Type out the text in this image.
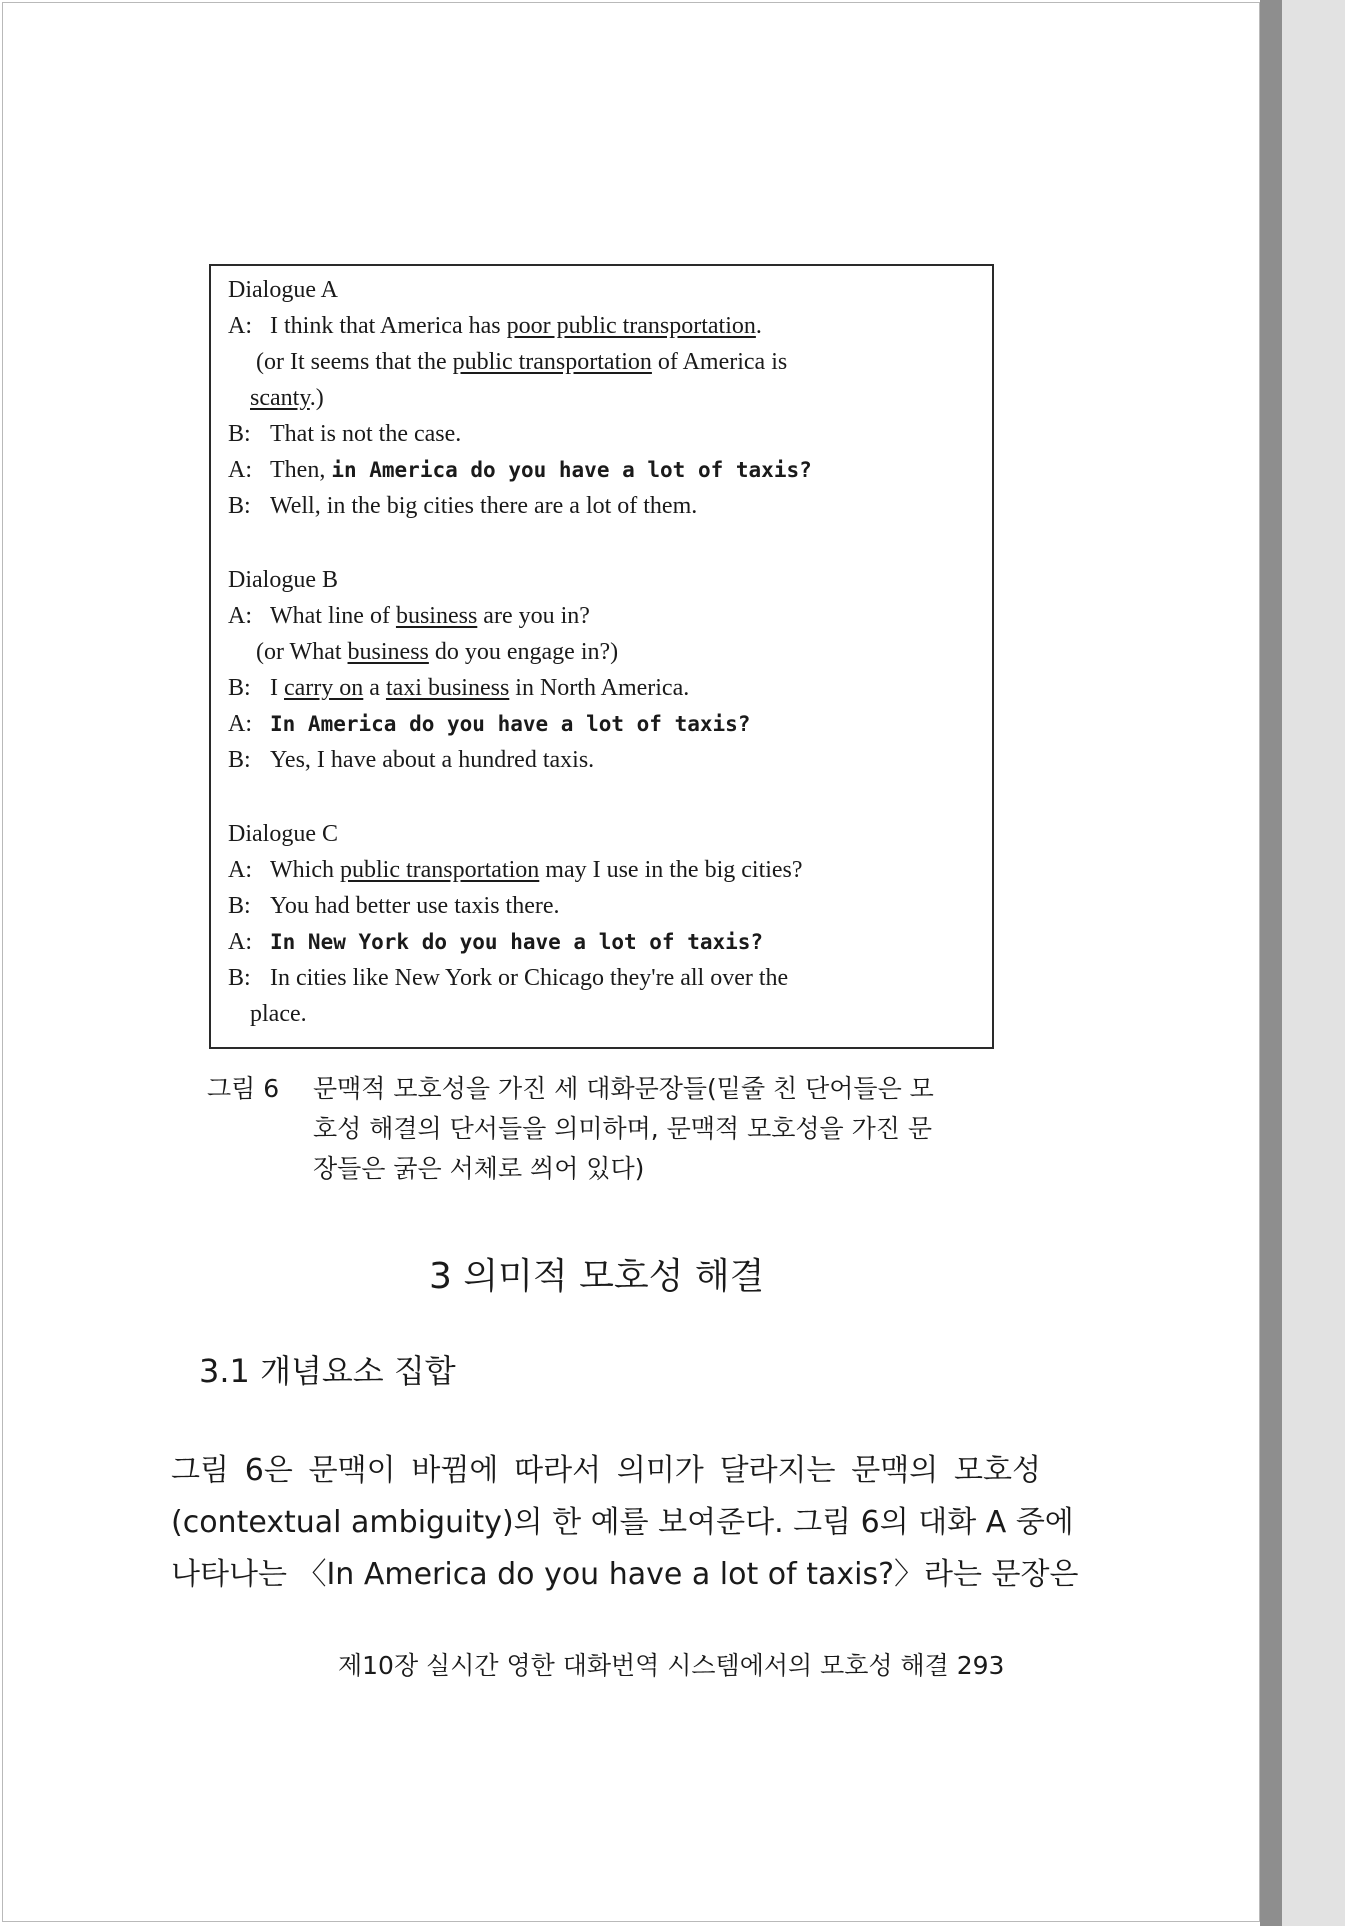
Dialogue A
A: I think that America has poor public transportation.
(or It seems that the public transportation of America is
scanty.)
B: That is not the case.
A: Then, in America do you have a lot of taxis?
B: Well, in the big cities there are a lot of them.
Dialogue B
A: What line of business are you in?
(or What business do you engage in?)
B: I carry on a taxi business in North America.
A: In America do you have a lot of taxis?
B: Yes, I have about a hundred taxis.
Dialogue C
A: Which public transportation may I use in the big cities?
B: You had better use taxis there.
A: In New York do you have a lot of taxis?
B: In cities like New York or Chicago they're all over the
place.
그림 6 문맥적 모호성을 가진 세 대화문장들(밑줄 친 단어들은 모
호성 해결의 단서들을 의미하며, 문맥적 모호성을 가진 문
장들은 굵은 서체로 씌어 있다)
3 의미적 모호성 해결
3.1 개념요소 집합
그림 6은 문맥이 바뀜에 따라서 의미가 달라지는 문맥의 모호성
(contextual ambiguity)의 한 예를 보여준다. 그림 6의 대화 A 중에
나타나는 〈In America do you have a lot of taxis?〉라는 문장은
제10장 실시간 영한 대화번역 시스템에서의 모호성 해결 293
